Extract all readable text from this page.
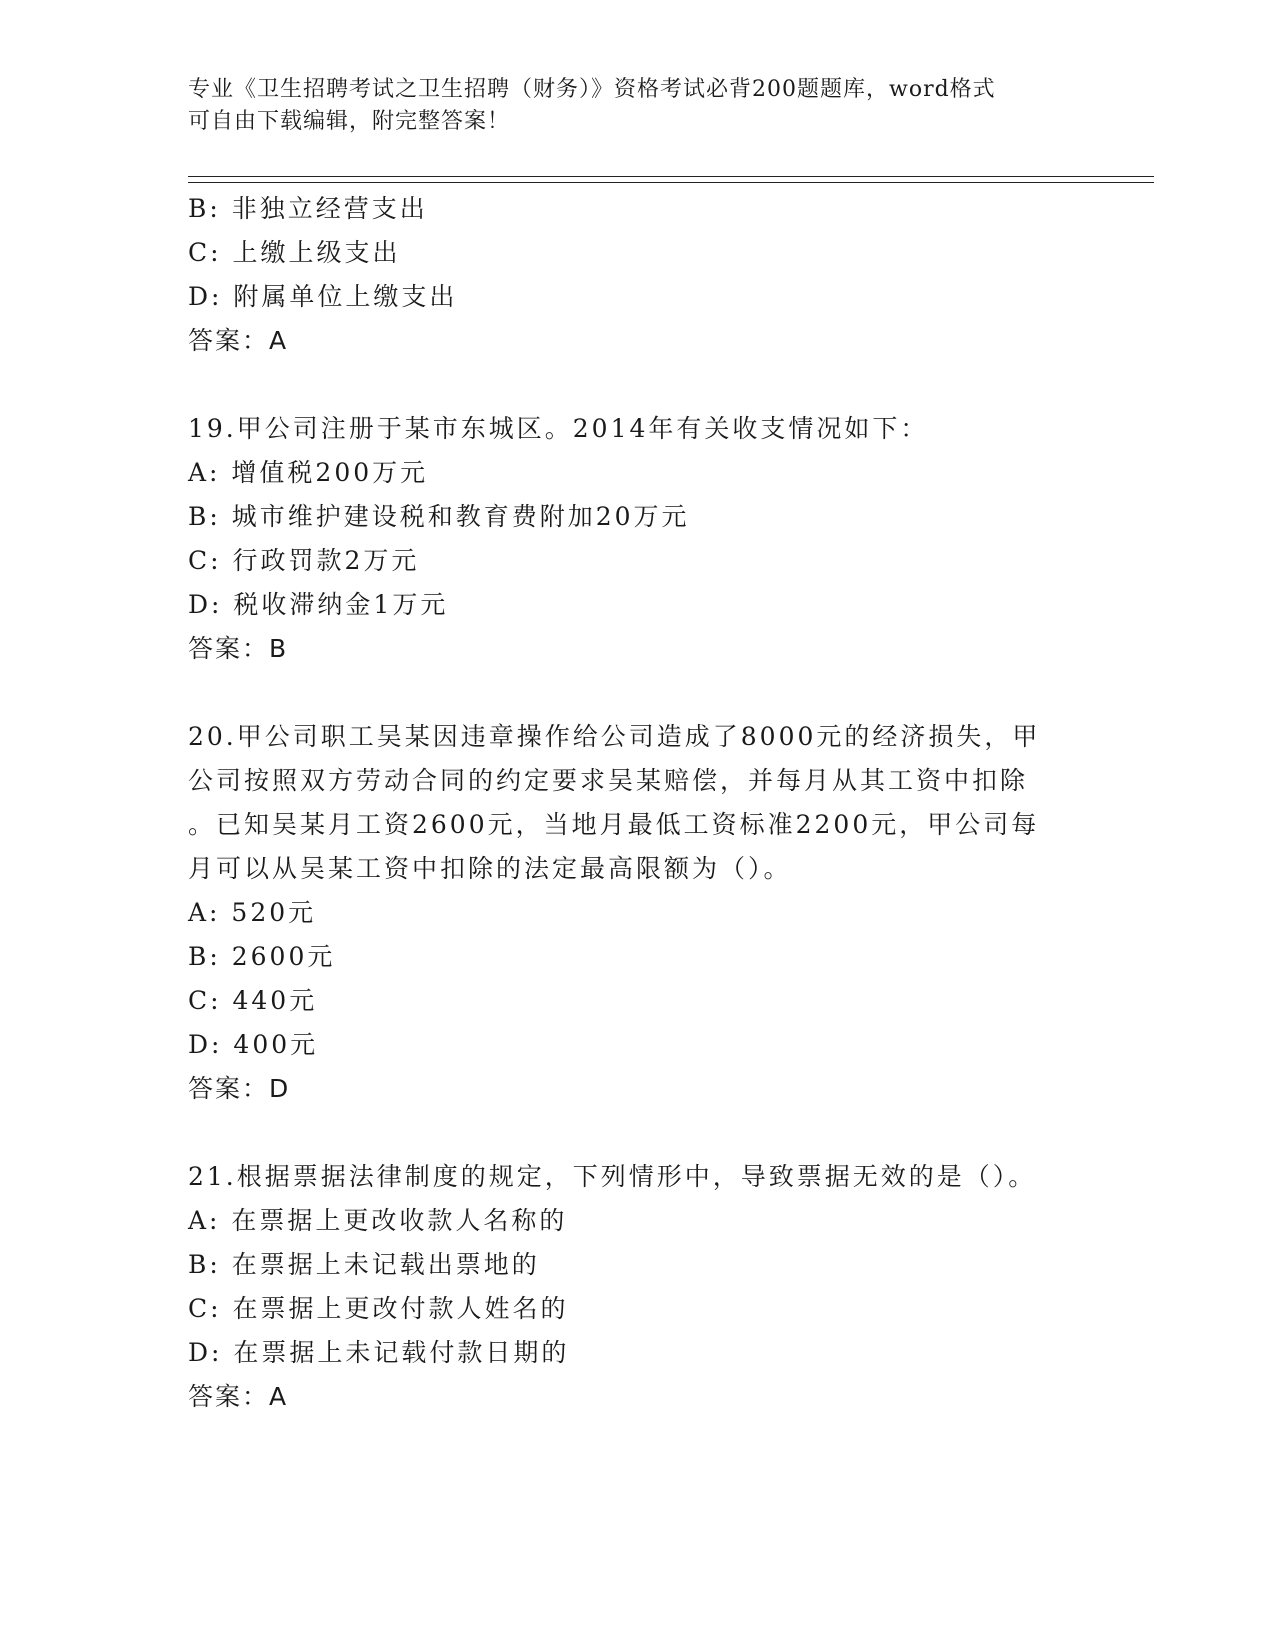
专业《卫生招聘考试之卫生招聘（财务）》资格考试必背200题题库，word格式
可自由下载编辑，附完整答案！
B: 非独立经营支出
C: 上缴上级支出
D: 附属单位上缴支出
答案：A
19.甲公司注册于某市东城区。2014年有关收支情况如下：
A: 增值税200万元
B: 城市维护建设税和教育费附加20万元
C: 行政罚款2万元
D: 税收滞纳金1万元
答案：B
20.甲公司职工吴某因违章操作给公司造成了8000元的经济损失，甲
公司按照双方劳动合同的约定要求吴某赔偿，并每月从其工资中扣除
。已知吴某月工资2600元，当地月最低工资标准2200元，甲公司每
月可以从吴某工资中扣除的法定最高限额为（）。
A: 520元
B: 2600元
C: 440元
D: 400元
答案：D
21.根据票据法律制度的规定，下列情形中，导致票据无效的是（）。
A: 在票据上更改收款人名称的
B: 在票据上未记载出票地的
C: 在票据上更改付款人姓名的
D: 在票据上未记载付款日期的
答案：A
